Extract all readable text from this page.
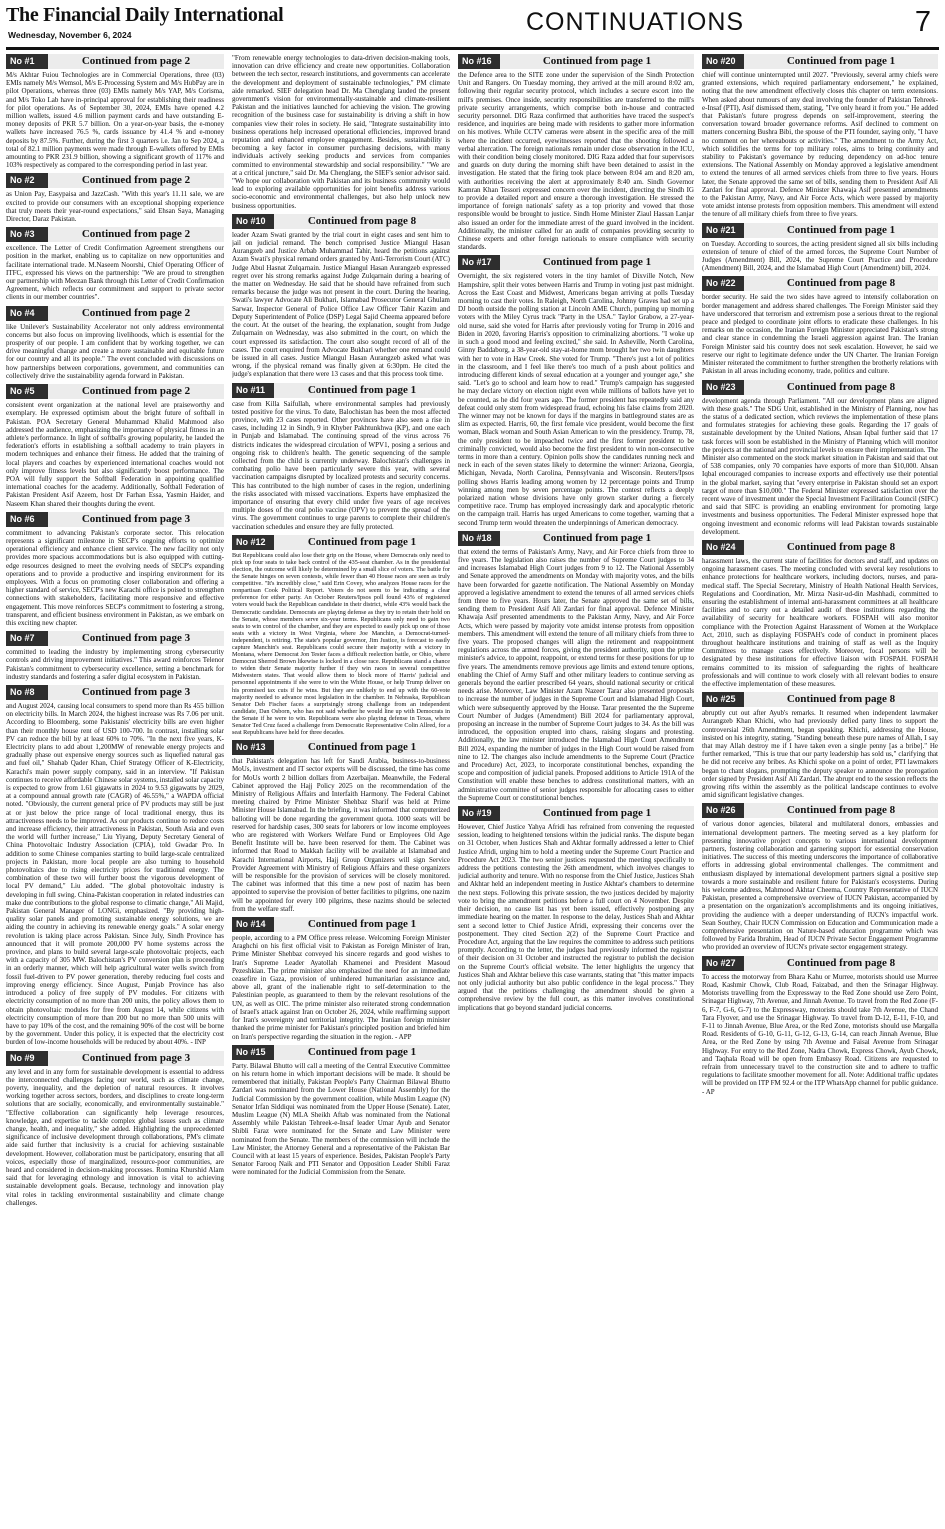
The Financial Daily International
Wednesday, November 6, 2024	CONTINUATIONS	7
No #1	Continued from page 2
M/s Akhtar Fuiou Technologies are in Commercial Operations, three (03) EMIs namely M/s Wemsol, M/s E-Processing System and M/s HubPay are in pilot Operations, whereas three (03) EMIs namely M/s YAP, M/s Corisma, and M/s Toko Lab have in-principal approval for establishing their readiness for pilot operations. As of September 30, 2024, EMIs have opened 4.2 million wallets, issued 4.6 million payment cards and have outstanding E-money deposits of PKR 5.7 billion. On a year-on-year basis, the e-money wallets have increased 76.5 %, cards issuance by 41.4 % and e-money deposits by 87.5%. Further, during the first 3 quarters i.e. Jan to Sep 2024, a total of 82.1 million payments were made through E-wallets offered by EMIs amounting to PKR 231.9 billion, showing a significant growth of 117% and 103% respectively as compared to the corresponding period in last year.
No #2	Continued from page 2
as Union Pay, Easypaisa and JazzCash. "With this year's 11.11 sale, we are excited to provide our consumers with an exceptional shopping experience that truly meets their year-round expectations," said Ehsan Saya, Managing Director, Daraz Pakistan.
No #3	Continued from page 2
excellence. The Letter of Credit Confirmation Agreement strengthens our position in the market, enabling us to capitalize on new opportunities and facilitate international trade. M.Naseem Noorshi, Chief Operating Officer of ITFC, expressed his views on the partnership: "We are proud to strengthen our partnership with Meezan Bank through this Letter of Credit Confirmation Agreement, which reflects our commitment and support to private sector clients in our member countries".
No #4	Continued from page 2
like Unilever's Sustainability Accelerator not only address environmental concerns but also focus on improving livelihoods, which is essential for the prosperity of our people. I am confident that by working together, we can drive meaningful change and create a more sustainable and equitable future for our country and all its people." The event concluded with discussions on how partnerships between corporations, government, and communities can collectively drive the sustainability agenda forward in Pakistan.
No #5	Continued from page 2
consistent event organization at the national level are praiseworthy and exemplary. He expressed optimism about the bright future of softball in Pakistan. POA Secretary General Muhammad Khalid Mahmood also addressed the audience, emphasizing the importance of physical fitness in an athlete's performance. In light of softball's growing popularity, he lauded the federation's efforts in establishing a softball academy to train players in modern techniques and enhance their fitness. He added that the training of local players and coaches by experienced international coaches would not only improve fitness levels but also significantly boost performance. The POA will fully support the Softball Federation in appointing qualified international coaches for the academy. Additionally, Softball Federation of Pakistan President Asif Azeem, host Dr Farhan Essa, Yasmin Haider, and Naseem Khan shared their thoughts during the event.
No #6	Continued from page 3
commitment to advancing Pakistan's corporate sector. This relocation represents a significant milestone in SECP's ongoing efforts to optimize operational efficiency and enhance client service. The new facility not only provides more spacious accommodations but is also equipped with cutting-edge resources designed to meet the evolving needs of SECP's expanding operations and to provide a productive and inspiring environment for its employees. With a focus on promoting closer collaboration and offering a higher standard of service, SECP's new Karachi office is poised to strengthen connections with stakeholders, facilitating more responsive and effective engagement. This move reinforces SECP's commitment to fostering a strong, transparent, and efficient business environment in Pakistan, as we embark on this exciting new chapter.
No #7	Continued from page 3
committed to leading the industry by implementing strong cybersecurity controls and driving improvement initiatives." This award reinforces Telenor Pakistan's commitment to cybersecurity excellence, setting a benchmark for industry standards and fostering a safer digital ecosystem in Pakistan.
No #8	Continued from page 3
and August 2024, causing local consumers to spend more than Rs 455 billion on electricity bills. In March 2024, the highest increase was Rs 7.06 per unit. According to Bloomberg, some Pakistanis' electricity bills are even higher than their monthly house rent of USD 100-700. In contrast, installing solar PV can reduce the bill by at least 60% to 70%. "In the next five years, K-Electricity plans to add about 1,200MW of renewable energy projects and gradually phase out expensive energy sources such as liquefied natural gas and fuel oil," Shahab Qader Khan, Chief Strategy Officer of K-Electricity, Karachi's main power supply company, said in an interview. "If Pakistan continues to receive affordable Chinese solar systems, installed solar capacity is expected to grow from 1.61 gigawatts in 2024 to 9.53 gigawatts by 2029, at a compound annual growth rate (CAGR) of 46.55%," a WAPDA official noted. "Obviously, the current general price of PV products may still be just at or just below the price range of local traditional energy, thus its attractiveness needs to be improved. As our products continue to reduce costs and increase efficiency, their attractiveness in Pakistan, South Asia and even the world will further increase," Liu Yiyang, Deputy Secretary General of China Photovoltaic Industry Association (CPIA), told Gwadar Pro. In addition to some Chinese companies starting to build large-scale centralized projects in Pakistan, more local people are also turning to household photovoltaics due to rising electricity prices for traditional energy. The combination of these two will further boost the vigorous development of local PV demand," Liu added. "The global photovoltaic industry is developing in full swing. China-Pakistan cooperation in related industries can make due contributions to the global response to climatic change," Ali Majid, Pakistan General Manager of LONGi, emphasized. "By providing high-quality solar panels and promoting sustainable energy solutions, we are aiding the country in achieving its renewable energy goals." A solar energy revolution is taking place across Pakistan. Since July, Sindh Province has announced that it will promote 200,000 PV home systems across the province, and plans to build several large-scale photovoltaic projects, each with a capacity of 305 MW. Balochistan's PV conversion plan is proceeding in an orderly manner, which will help agricultural water wells switch from fossil fuel-driven to PV power generation, thereby reducing fuel costs and improving energy efficiency. Since August, Punjab Province has also introduced a policy of free supply of PV modules. For citizens with electricity consumption of no more than 200 units, the policy allows them to obtain photovoltaic modules for free from August 14, while citizens with electricity consumption of more than 200 but no more than 500 units will have to pay 10% of the cost, and the remaining 90% of the cost will be borne by the government. Under this policy, it is expected that the electricity cost burden of low-income households will be reduced by about 40%. - INP
No #9	Continued from page 3
any level and in any form for sustainable development is essential to address the interconnected challenges facing our world, such as climate change, poverty, inequality, and the depletion of natural resources. It involves working together across sectors, borders, and disciplines to create long-term solutions that are socially, economically, and environmentally sustainable." "Effective collaboration can significantly help leverage resources, knowledge, and expertise to tackle complex global issues such as climate change, health, and inequality," she added. Highlighting the unprecedented significance of inclusive development through collaborations, PM's climate aide said further that inclusivity is a crucial for achieving sustainable development. However, collaboration must be participatory, ensuring that all voices, especially those of marginalized, resource-poor communities, are heard and considered in decision-making processes. Romina Khurshid Alam said that for leveraging ethnology and innovation is vital to achieving sustainable development goals. Because, technology and innovation play vital roles in tackling environmental sustainability and climate change challenges.
"From renewable energy technologies to data-driven decision-making tools, innovation can drive efficiency and create new opportunities. Collaboration between the tech sector, research institutions, and governments can accelerate the development and deployment of sustainable technologies," PM climate aide remarked. SIEF delegation head Dr. Ma Chenglang lauded the present government's vision for environmentally-sustainable and climate-resilient Pakistan and the initiatives launched for achieving the vision. The growing recognition of the business case for sustainability is driving a shift in how companies view their roles in society. He said, "Integrate sustainability into business operations help increased operational efficiencies, improved brand reputation and enhanced employee engagement. Besides, sustainability is becoming a key factor in consumer purchasing decisions, with many individuals actively seeking products and services from companies committed to environmental stewardship and social responsibility." "We are at a critical juncture," said Dr. Ma Chenglang, the SIEF's senior advisor said. "We hope our collaboration with Pakistan and its business community would lead to exploring available opportunities for joint benefits address various socio-economic and environmental challenges, but also help unlock new business opportunities.
No #10	Continued from page 8
leader Azam Swati granted by the trial court in eight cases and sent him to jail on judicial remand. The bench comprised Justice Miangul Hasan Aurangzeb and Justice Arbab Muhammad Tahir, heard the petitions against Azam Swati's physical remand orders granted by Anti-Terrorism Court (ATC) Judge Abul Hasnat Zulqarnain. Justice Miangul Hasan Aurangzeb expressed regret over his strong remarks against Judge Zulqarnain during a hearing of the matter on Wednesday. He said that he should have refrained from such remarks because the judge was not present in the court. During the hearing, Swati's lawyer Advocate Ali Bukhari, Islamabad Prosecutor General Ghulam Sarwar, Inspector General of Police Office Law Officer Tahir Kazim and Deputy Superintendent of Police (DSP) Legal Sajid Cheema appeared before the court. At the outset of the hearing, the explanation, sought from Judge Zulqarnain on Wednesday, was also submitted in the court, on which the court expressed its satisfaction. The court also sought record of all of the cases. The court enquired from Advocate Bukhari whether one remand could be issued in all cases. Justice Miangul Hasan Aurangzeb asked what was wrong, if the physical remand was finally given at 6:30pm. He cited the judge's explanation that there were 13 cases and that this process took time.
No #11	Continued from page 1
case from Killa Saifullah, where environmental samples had previously tested positive for the virus. To date, Balochistan has been the most affected province, with 23 cases reported. Other provinces have also seen a rise in cases, including 12 in Sindh, 9 in Khyber Pakhtunkhwa (KP), and one each in Punjab and Islamabad. The continuing spread of the virus across 76 districts indicates the widespread circulation of WPV1, posing a serious and ongoing risk to children's health. The genetic sequencing of the sample collected from the child is currently underway. Balochistan's challenges in combating polio have been particularly severe this year, with several vaccination campaigns disrupted by localized protests and security concerns. This has contributed to the high number of cases in the region, underlining the risks associated with missed vaccinations. Experts have emphasized the importance of ensuring that every child under five years of age receives multiple doses of the oral polio vaccine (OPV) to prevent the spread of the virus. The government continues to urge parents to complete their children's vaccination schedules and ensure they are fully protected.
No #12	Continued from page 1
But Republicans could also lose their grip on the House, where Democrats only need to pick up four seats to take back control of the 435-seat chamber. As in the presidential election, the outcome will likely be determined by a small slice of voters. The battle for the Senate hinges on seven contests, while fewer than 40 House races are seen as truly competitive. "It's incredibly close," said Erin Covey, who analyzes House races for the nonpartisan Cook Political Report. Voters do not seem to be indicating a clear preference for either party. An October Reuters/Ipsos poll found 43% of registered voters would back the Republican candidate in their district, while 43% would back the Democratic candidate. Democrats are playing defense as they try to retain their hold on the Senate, whose members serve six-year terms. Republicans only need to gain two seats to win control of the chamber, and they are expected to easily pick up one of those seats with a victory in West Virginia, where Joe Manchin, a Democrat-turned-independent, is retiring. The state's popular governor, Jim Justice, is forecast to easily capture Manchin's seat. Republicans could secure their majority with a victory in Montana, where Democrat Jon Tester faces a difficult reelection battle, or Ohio, where Democrat Sherrod Brown likewise is locked in a close race. Republicans stand a chance to widen their Senate majority further if they win races in several competitive Midwestern states. That would allow them to block more of Harris' judicial and personnel appointments if she were to win the White House, or help Trump deliver on his promised tax cuts if he wins. But they are unlikely to end up with the 60-vote majority needed to advance most legislation in the chamber. In Nebraska, Republican Senator Deb Fischer faces a surprisingly strong challenge from an independent candidate, Dan Osborn, who has not said whether he would line up with Democrats in the Senate if he were to win. Republicans were also playing defense in Texas, where Senator Ted Cruz faced a challenge from Democratic Representative Colin Allred, for a seat Republicans have held for three decades.
No #13	Continued from page 1
that Pakistan's delegation has left for Saudi Arabia, business-to-business MoUs, investment and IT sector experts will be discussed, the time has come for MoUs worth 2 billion dollars from Azerbaijan. Meanwhile, the Federal Cabinet approved the Hajj Policy 2025 on the recommendation of the Ministry of Religious Affairs and Interfaith Harmony. The Federal Cabinet meeting chaired by Prime Minister Shehbaz Sharif was held at Prime Minister House Islamabad. In the briefing, it was informed that computerized balloting will be done regarding the government quota. 1000 seats will be reserved for hardship cases, 300 seats for laborers or low income employees who are registered with Workers Welfare Fund or Employees Old Age Benefit Institute will be. have been reserved for them. The Cabinet was informed that Road to Makkah facility will be available at Islamabad and Karachi International Airports, Hajj Group Organizers will sign Service Provider Agreement with Ministry of Religious Affairs and these organizers will be responsible for the provision of services will be closely monitored. The cabinet was informed that this time a new post of nazim has been appointed to supervise the provision of better facilities to pilgrims, one nazim will be appointed for every 100 pilgrims, these nazims should be selected from the welfare staff.
No #14	Continued from page 1
people, according to a PM Office press release. Welcoming Foreign Minister Araghchi on his first official visit to Pakistan as Foreign Minister of Iran, Prime Minister Shehbaz conveyed his sincere regards and good wishes to Iran's Supreme Leader Ayatollah Khamenei and President Masoud Pezeshkian. The prime minister also emphasized the need for an immediate ceasefire in Gaza, provision of unhindered humanitarian assistance and, above all, grant of the inalienable right to self-determination to the Palestinian people, as guaranteed to them by the relevant resolutions of the UN, as well as OIC. The prime minister also reiterated strong condemnation of Israel's attack against Iran on October 26, 2024, while reaffirming support for Iran's sovereignty and territorial integrity. The Iranian foreign minister thanked the prime minister for Pakistan's principled position and briefed him on Iran's perspective regarding the situation in the region. - APP
No #15	Continued from page 1
Party. Bilawal Bhutto will call a meeting of the Central Executive Committee on his return home in which important decisions will be made. It should be remembered that initially, Pakistan People's Party Chairman Bilawal Bhutto Zardari was nominated from the Lower House (National Assembly) for the Judicial Commission by the government coalition, while Muslim League (N) Senator Irfan Siddiqui was nominated from the Upper House (Senate). Later, Muslim League (N) MLA Sheikh Aftab was nominated from the National Assembly while Pakistan Tehreek-e-Insaf leader Umar Ayub and Senator Shibli Faraz were nominated for the Senate and Law Minister were nominated from the Senate. The members of the commission will include the Law Minister, the Attorney General and a representative of the Pakistan Bar Council with at least 15 years of experience. Besides, Pakistan People's Party Senator Farooq Naik and PTI Senator and Opposition Leader Shibli Faraz were nominated for the Judicial Commission from the Senate.
No #16	Continued from page 1
the Defence area to the SITE zone under the supervision of the Sindh Protection Unit and Rangers. On Tuesday morning, they arrived at the mill around 8:02 am, following their regular security protocol, which includes a secure escort into the mill's premises. Once inside, security responsibilities are transferred to the mill's private security arrangements, which comprise both in-house and contracted security personnel. DIG Raza confirmed that authorities have traced the suspect's residence, and inquiries are being made with residents to gather more information on his motives. While CCTV cameras were absent in the specific area of the mill where the incident occurred, eyewitnesses reported that the shooting followed a verbal altercation. The foreign nationals remain under close observation in the ICU, with their condition being closely monitored. DIG Raza added that four supervisors and guards on duty during the morning shift have been detained to assist in the investigation. He stated that the firing took place between 8:04 am and 8:20 am, with authorities receiving the alert at approximately 8:40 am. Sindh Governor Kamran Khan Tessori expressed concern over the incident, directing the Sindh IG to provide a detailed report and ensure a thorough investigation. He stressed the importance of foreign nationals' safety as a top priority and vowed that those responsible would be brought to justice. Sindh Home Minister Ziaul Hassan Lanjar also issued an order for the immediate arrest of the guard involved in the incident. Additionally, the minister called for an audit of companies providing security to Chinese experts and other foreign nationals to ensure compliance with security standards.
No #17	Continued from page 1
Overnight, the six registered voters in the tiny hamlet of Dixville Notch, New Hampshire, split their votes between Harris and Trump in voting just past midnight. Across the East Coast and Midwest, Americans began arriving at polls Tuesday morning to cast their votes. In Raleigh, North Carolina, Johnny Graves had set up a DJ booth outside the polling station at Lincoln AME Church, pumping up morning voters with the Miley Cyrus track "Party in the USA." Taylor Grabow, a 27-year-old nurse, said she voted for Harris after previously voting for Trump in 2016 and Biden in 2020, favoring Harris's opposition to criminalizing abortions. "I woke up in such a good mood and feeling excited," she said. In Asheville, North Carolina, Ginny Baddaborg, a 38-year-old stay-at-home mom brought her two twin daughters with her to vote in Haw Creek. She voted for Trump. "There's just a lot of politics in the classroom, and I feel like there's too much of a push about politics and introducing different kinds of sexual education at a younger and younger age," she said. "Let's go to school and learn how to read." Trump's campaign has suggested he may declare victory on election night even while millions of ballots have yet to be counted, as he did four years ago. The former president has repeatedly said any defeat could only stem from widespread fraud, echoing his false claims from 2020. The winner may not be known for days if the margins in battleground states are as slim as expected. Harris, 60, the first female vice president, would become the first woman, Black woman and South Asian American to win the presidency. Trump, 78, the only president to be impeached twice and the first former president to be criminally convicted, would also become the first president to win non-consecutive terms in more than a century. Opinion polls show the candidates running neck and neck in each of the seven states likely to determine the winner: Arizona, Georgia, Michigan, Nevada, North Carolina, Pennsylvania and Wisconsin. Reuters/Ipsos polling shows Harris leading among women by 12 percentage points and Trump winning among men by seven percentage points. The contest reflects a deeply polarized nation whose divisions have only grown starker during a fiercely competitive race. Trump has employed increasingly dark and apocalyptic rhetoric on the campaign trail. Harris has urged Americans to come together, warning that a second Trump term would threaten the underpinnings of American democracy.
No #18	Continued from page 1
that extend the terms of Pakistan's Army, Navy, and Air Force chiefs from three to five years. The legislation also raises the number of Supreme Court judges to 34 and increases Islamabad High Court judges from 9 to 12. The National Assembly and Senate approved the amendments on Monday with majority votes, and the bills have been forwarded for gazette notification. The National Assembly on Monday approved a legislative amendment to extend the tenures of all armed services chiefs from three to five years. Hours later, the Senate approved the same set of bills, sending them to President Asif Ali Zardari for final approval. Defence Minister Khawaja Asif presented amendments to the Pakistan Army, Navy, and Air Force Acts, which were passed by majority vote amidst intense protests from opposition members. This amendment will extend the tenure of all military chiefs from three to five years. The proposed changes will align the retirement and reappointment regulations across the armed forces, giving the president authority, upon the prime minister's advice, to appoint, reappoint, or extend terms for these positions for up to five years. The amendments remove previous age limits and extend tenure options, enabling the Chief of Army Staff and other military leaders to continue serving as generals beyond the earlier prescribed 64 years, should national security or critical needs arise. Moreover, Law Minister Azam Nazeer Tarar also presented proposals to increase the number of judges in the Supreme Court and Islamabad High Court, which were subsequently approved by the House. Tarar presented the the Supreme Court Number of Judges (Amendment) Bill 2024 for parliamentary approval, proposing an increase in the number of Supreme Court judges to 34. As the bill was introduced, the opposition erupted into chaos, raising slogans and protesting. Additionally, the law minister introduced the Islamabad High Court Amendment Bill 2024, expanding the number of judges in the High Court would be raised from nine to 12. The changes also include amendments to the Supreme Court (Practice and Procedure) Act, 2023, to incorporate constitutional benches, expanding the scope and composition of judicial panels. Proposed additions to Article 191A of the Constitution will enable these benches to address constitutional matters, with an administrative committee of senior judges responsible for allocating cases to either the Supreme Court or constitutional benches.
No #19	Continued from page 1
However, Chief Justice Yahya Afridi has refrained from convening the requested session, leading to heightened tensions within the judicial ranks. The dispute began on 31 October, when Justices Shah and Akhtar formally addressed a letter to Chief Justice Afridi, urging him to hold a meeting under the Supreme Court Practice and Procedure Act 2023. The two senior justices requested the meeting specifically to address the petitions contesting the 26th amendment, which involves changes to judicial authority and tenure. With no response from the Chief Justice, Justices Shah and Akhtar held an independent meeting in Justice Akhtar's chambers to determine the next steps. Following this private session, the two justices decided by majority vote to bring the amendment petitions before a full court on 4 November. Despite their decision, no cause list has yet been issued, effectively postponing any immediate hearing on the matter. In response to the delay, Justices Shah and Akhtar sent a second letter to Chief Justice Afridi, expressing their concerns over the postponement. They cited Section 2(2) of the Supreme Court Practice and Procedure Act, arguing that the law requires the committee to address such petitions promptly. According to the letter, the judges had previously informed the registrar of their decision on 31 October and instructed the registrar to publish the decision on the Supreme Court's official website. The letter highlights the urgency that Justices Shah and Akhtar believe this case warrants, stating that "this matter impacts not only judicial authority but also public confidence in the legal process." They argued that the petitions challenging the amendment should be given a comprehensive review by the full court, as this matter involves constitutional implications that go beyond standard judicial concerns.
No #20	Continued from page 1
chief will continue uninterrupted until 2027. "Previously, several army chiefs were granted extensions, which required parliamentary endorsement," he explained, noting that the new amendment effectively closes this chapter on term extensions. When asked about rumours of any deal involving the founder of Pakistan Tehreek-e-Insaf (PTI), Asif dismissed them, stating, "I've only heard it from you." He added that Pakistan's future progress depends on self-improvement, steering the conversation toward broader governance reforms. Asif declined to comment on matters concerning Bushra Bibi, the spouse of the PTI founder, saying only, "I have no comment on her whereabouts or activities." The amendment to the Army Act, which solidifies the terms for top military roles, aims to bring continuity and stability to Pakistan's governance by reducing dependency on ad-hoc tenure extensions. The National Assembly on Monday approved a legislative amendment to extend the tenures of all armed services chiefs from three to five years. Hours later, the Senate approved the same set of bills, sending them to President Asif Ali Zardari for final approval. Defence Minister Khawaja Asif presented amendments to the Pakistan Army, Navy, and Air Force Acts, which were passed by majority vote amidst intense protests from opposition members. This amendment will extend the tenure of all military chiefs from three to five years.
No #21	Continued from page 1
on Tuesday. According to sources, the acting president signed all six bills including extension of tenure of chief of the armed forces, the Supreme Court Number of Judges (Amendment) Bill, 2024, the Supreme Court Practice and Procedure (Amendment) Bill, 2024, and the Islamabad High Court (Amendment) bill, 2024.
No #22	Continued from page 8
border security. He said the two sides have agreed to intensify collaboration on border management and address shared challenges. The Foreign Minister said they have underscored that terrorism and extremism pose a serious threat to the regional peace and pledged to coordinate joint efforts to eradicate these challenges. In his remarks on the occasion, the Iranian Foreign Minister appreciated Pakistan's strong and clear stance in condemning the Israeli aggression against Iran. The Iranian Foreign Minister said his country does not seek escalation. However, he said we reserve our right to legitimate defence under the UN Charter. The Iranian Foreign Minister reiterated the commitment to further strengthen the brotherly relations with Pakistan in all areas including economy, trade, politics and culture.
No #23	Continued from page 8
development agenda through Parliament. "All our development plans are aligned with these goals." The SDG Unit, established in the Ministry of Planning, now has the status of a dedicated section, which reviews the implementation of these plans and formulates strategies for achieving these goals. Regarding the 17 goals of sustainable development by the United Nations, Ahsan Iqbal further said that 17 task forces will soon be established in the Ministry of Planning which will monitor the projects at the national and provincial levels to ensure their implementation. The Minister also commented on the stock market situation in Pakistan and said that out of 538 companies, only 70 companies have exports of more than $10,000. Ahsan Iqbal encouraged companies to increase exports and effectively use their potential in the global market, saying that "every enterprise in Pakistan should set an export target of more than $10,000." The Federal Minister expressed satisfaction over the recent wave of investment under the Special Investment Facilitation Council (SIFC) and said that SIFC is providing an enabling environment for promoting large investments and business opportunities. The Federal Minister expressed hope that ongoing investment and economic reforms will lead Pakistan towards sustainable development.
No #24	Continued from page 8
harassment laws, the current state of facilities for doctors and staff, and updates on ongoing harassment cases. The meeting concluded with several key resolutions to enhance protections for healthcare workers, including doctors, nurses, and para-medical staff. The Special Secretary, Ministry of Health National Health Services, Regulations and Coordination, Mr. Mirza Nasir-ud-din Mashhadi, committed to ensuring the establishment of internal anti-harassment committees at all healthcare facilities and to carry out a detailed audit of these institutions regarding the availability of security for healthcare workers. FOSPAH will also monitor compliance with the Protection Against Harassment of Women at the Workplace Act, 2010, such as displaying FOSPAH's code of conduct in prominent places throughout healthcare institutions and training of staff as well as the Inquiry Committees to manage cases effectively. Moreover, focal persons will be designated by these institutions for effective liaison with FOSPAH. FOSPAH remains committed to its mission of safeguarding the rights of healthcare professionals and will continue to work closely with all relevant bodies to ensure the effective implementation of these measures.
No #25	Continued from page 8
abruptly cut out after Ayub's remarks. It resumed when independent lawmaker Aurangzeb Khan Khichi, who had previously defied party lines to support the controversial 26th Amendment, began speaking. Khichi, addressing the House, insisted on his integrity, stating, "Standing beneath these pure names of Allah, I say that may Allah destroy me if I have taken even a single penny [as a bribe]." He further remarked, "This is true that our party leadership has sold us," clarifying that he did not receive any bribes. As Khichi spoke on a point of order, PTI lawmakers began to chant slogans, prompting the deputy speaker to announce the prorogation order signed by President Asif Ali Zardari. The abrupt end to the session reflects the growing rifts within the assembly as the political landscape continues to evolve amid significant legislative changes.
No #26	Continued from page 8
of various donor agencies, bilateral and multilateral donors, embassies and international development partners. The meeting served as a key platform for presenting innovative project concepts to various international development partners, fostering collaboration and garnering support for essential conservation initiatives. The success of this meeting underscores the importance of collaborative efforts in addressing global environmental challenges. The commitment and enthusiasm displayed by international development partners signal a positive step towards a more sustainable and resilient future for Pakistan's ecosystems. During his welcome address, Mahmood Akhtar Cheema, Country Representative of IUCN Pakistan, presented a comprehensive overview of IUCN Pakistan, accompanied by a presentation on the organization's accomplishments and its ongoing initiatives, providing the audience with a deeper understanding of IUCN's impactful work. Sean Southey, Chair IUCN Commission on Education and Communication made a comprehensive presentation on Nature-based education programme which was followed by Farida Ibrahim, Head of IUCN Private Sector Engagement Programme who provided an overview of IUCN's private sector engagement strategy.
No #27	Continued from page 8
To access the motorway from Bhara Kahu or Murree, motorists should use Murree Road, Kashmir Chowk, Club Road, Faizabad, and then the Srinagar Highway. Motorists travelling from the Expressway to the Red Zone should use Zero Point, Srinagar Highway, 7th Avenue, and Jinnah Avenue. To travel from the Red Zone (F-6, F-7, G-6, G-7) to the Expressway, motorists should take 7th Avenue, the Chand Tara Flyover, and use the Srinagar Highway. To travel from D-12, E-11, F-10, and F-11 to Jinnah Avenue, Blue Area, or the Red Zone, motorists should use Margalla Road. Residents of G-10, G-11, G-12, G-13, G-14, can reach Jinnah Avenue, Blue Area, or the Red Zone by using 7th Avenue and Faisal Avenue from Srinagar Highway. For entry to the Red Zone, Nadra Chowk, Express Chowk, Ayub Chowk, and Taqhala Road will be open from Embassy Road. Citizens are requested to refrain from unnecessary travel to the construction site and to adhere to traffic regulations to facilitate smoother movement for all. Note: Additional traffic updates will be provided on ITP FM 92.4 or the ITP WhatsApp channel for public guidance. - AP
